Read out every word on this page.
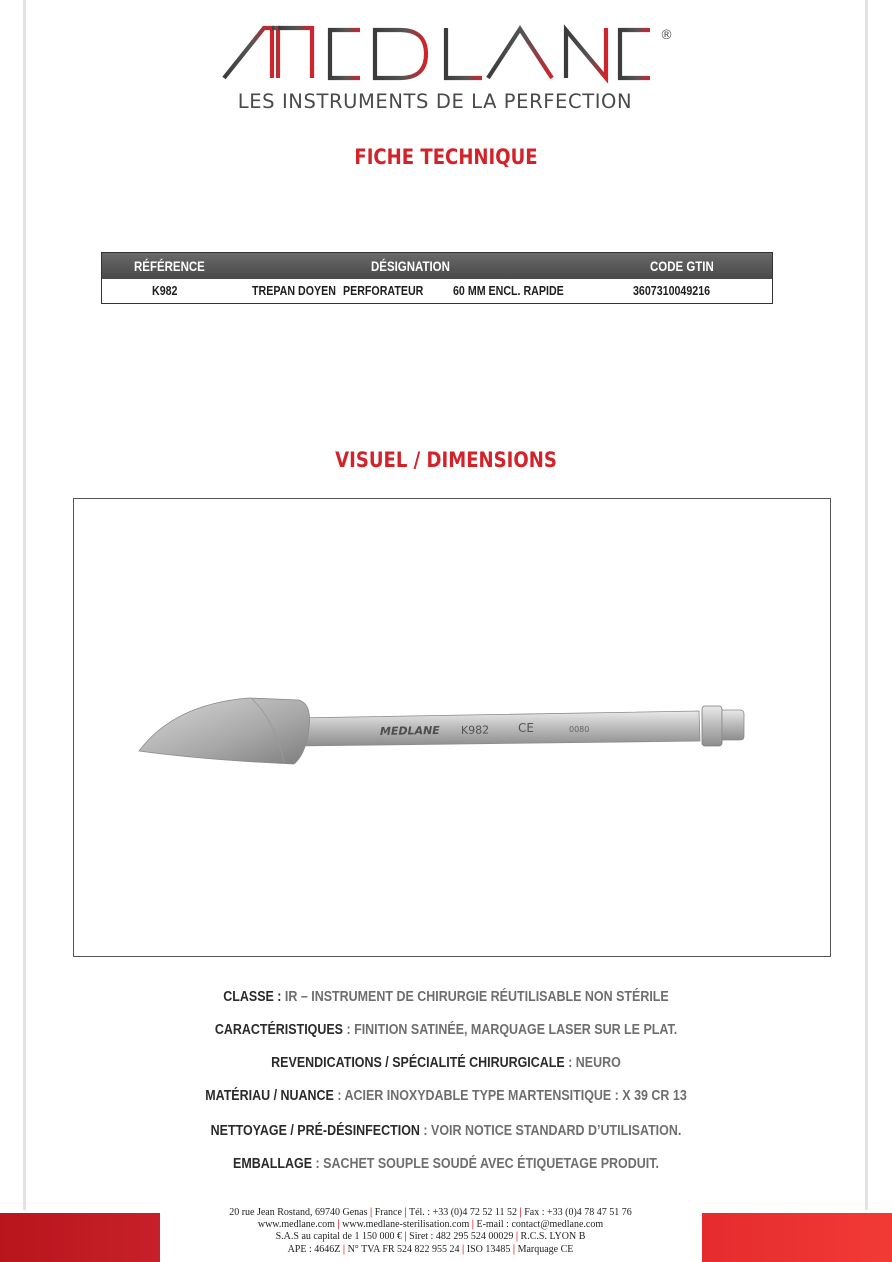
®
LES INSTRUMENTS DE LA PERFECTION
FICHE TECHNIQUE
RÉFÉRENCE	DÉSIGNATION	CODE GTIN
K982	TREPAN DOYEN PERFORATEUR 60 MM ENCL. RAPIDE	3607310049216
VISUEL / DIMENSIONS
MEDLANE K982 CE	0080
CLASSE : IR – INSTRUMENT DE CHIRURGIE RÉUTILISABLE NON STÉRILE
CARACTÉRISTIQUES : FINITION SATINÉE, MARQUAGE LASER SUR LE PLAT.
REVENDICATIONS / SPÉCIALITÉ CHIRURGICALE : NEURO
MATÉRIAU / NUANCE : ACIER INOXYDABLE TYPE MARTENSITIQUE : X 39 CR 13
NETTOYAGE / PRÉ-DÉSINFECTION : VOIR NOTICE STANDARD D’UTILISATION.
EMBALLAGE : SACHET SOUPLE SOUDÉ AVEC ÉTIQUETAGE PRODUIT.
20 rue Jean Rostand, 69740 Genas | France | Tél. : +33 (0)4 72 52 11 52 | Fax : +33 (0)4 78 47 51 76
www.medlane.com | www.medlane-sterilisation.com | E-mail : contact@medlane.com
S.A.S au capital de 1 150 000 € | Siret : 482 295 524 00029 | R.C.S. LYON B
APE : 4646Z | N° TVA FR 524 822 955 24 | ISO 13485 | Marquage CE
